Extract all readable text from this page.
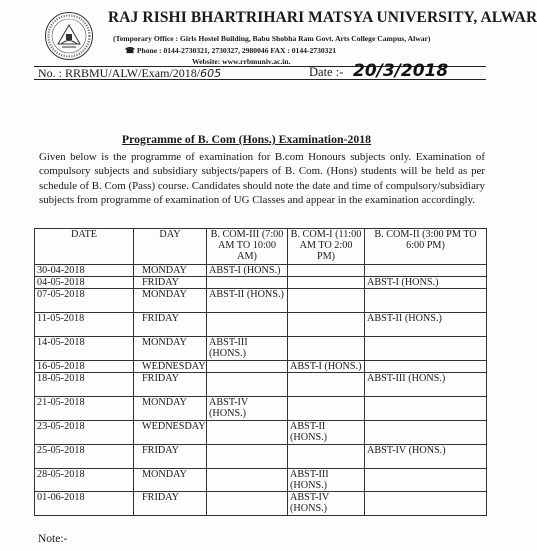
RAJ RISHI BHARTRIHARI MATSYA UNIVERSITY, ALWAR
(Temporary Office : Girls Hostel Building, Babu Shobha Ram Govt. Arts College Campus, Alwar)
☎ Phone : 0144-2730321, 2730327, 2980046 FAX : 0144-2730321
Website: www.rrbmuniv.ac.in.
No. : RRBMU/ALW/Exam/2018/605	Date :- 20/3/2018
Programme of B. Com (Hons.) Examination-2018
Given below is the programme of examination for B.com Honours subjects only. Examination of compulsory subjects and subsidiary subjects/papers of B. Com. (Hons) students will be held as per schedule of B. Com (Pass) course. Candidates should note the date and time of compulsory/subsidiary subjects from programme of examination of UG Classes and appear in the examination accordingly.
DATE	DAY	B. COM-III (7:00 AM TO 10:00 AM)	B. COM-I (11:00 AM TO 2:00 PM)	B. COM-II (3:00 PM TO 6:00 PM)
30-04-2018	MONDAY	ABST-I (HONS.)		
04-05-2018	FRIDAY			ABST-I (HONS.)
07-05-2018	MONDAY	ABST-II (HONS.)		
11-05-2018	FRIDAY			ABST-II (HONS.)
14-05-2018	MONDAY	ABST-III (HONS.)		
16-05-2018	WEDNESDAY		ABST-I (HONS.)	
18-05-2018	FRIDAY			ABST-III (HONS.)
21-05-2018	MONDAY	ABST-IV (HONS.)		
23-05-2018	WEDNESDAY		ABST-II (HONS.)	
25-05-2018	FRIDAY			ABST-IV (HONS.)
28-05-2018	MONDAY		ABST-III (HONS.)	
01-06-2018	FRIDAY		ABST-IV (HONS.)	
Note:-
